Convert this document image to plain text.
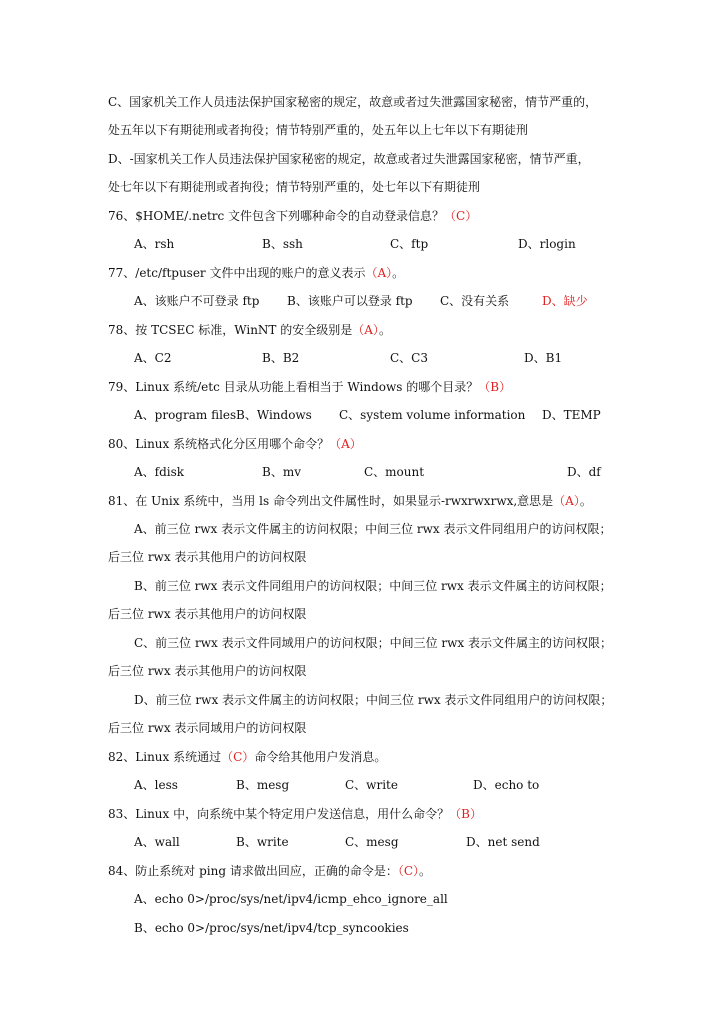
C、国家机关工作人员违法保护国家秘密的规定，故意或者过失泄露国家秘密，情节严重的，
处五年以下有期徒刑或者拘役；情节特别严重的，处五年以上七年以下有期徒刑
D、-国家机关工作人员违法保护国家秘密的规定，故意或者过失泄露国家秘密，情节严重，
处七年以下有期徒刑或者拘役；情节特别严重的，处七年以下有期徒刑
76、$HOME/.netrc 文件包含下列哪种命令的自动登录信息？（C）
A、rsh	B、ssh	C、ftp	D、rlogin
77、/etc/ftpuser 文件中出现的账户的意义表示（A）。
A、该账户不可登录 ftp B、该账户可以登录 ftp C、没有关系	D、缺少
78、按 TCSEC 标准，WinNT 的安全级别是（A）。
A、C2	B、B2	C、C3	D、B1
79、Linux 系统/etc 目录从功能上看相当于 Windows 的哪个目录？（B）
A、program files B、Windows C、system volume information D、TEMP
80、Linux 系统格式化分区用哪个命令？（A）
A、fdisk	B、mv	C、mount	D、df
81、在 Unix 系统中，当用 ls 命令列出文件属性时，如果显示-rwxrwxrwx,意思是（A）。
A、前三位 rwx 表示文件属主的访问权限；中间三位 rwx 表示文件同组用户的访问权限；
后三位 rwx 表示其他用户的访问权限
B、前三位 rwx 表示文件同组用户的访问权限；中间三位 rwx 表示文件属主的访问权限；
后三位 rwx 表示其他用户的访问权限
C、前三位 rwx 表示文件同域用户的访问权限；中间三位 rwx 表示文件属主的访问权限；
后三位 rwx 表示其他用户的访问权限
D、前三位 rwx 表示文件属主的访问权限；中间三位 rwx 表示文件同组用户的访问权限；
后三位 rwx 表示同域用户的访问权限
82、Linux 系统通过（C）命令给其他用户发消息。
A、less	B、mesg	C、write	D、echo to
83、Linux 中，向系统中某个特定用户发送信息，用什么命令？（B）
A、wall	B、write	C、mesg	D、net send
84、防止系统对 ping 请求做出回应，正确的命令是：（C）。
A、echo 0>/proc/sys/net/ipv4/icmp_ehco_ignore_all
B、echo 0>/proc/sys/net/ipv4/tcp_syncookies
